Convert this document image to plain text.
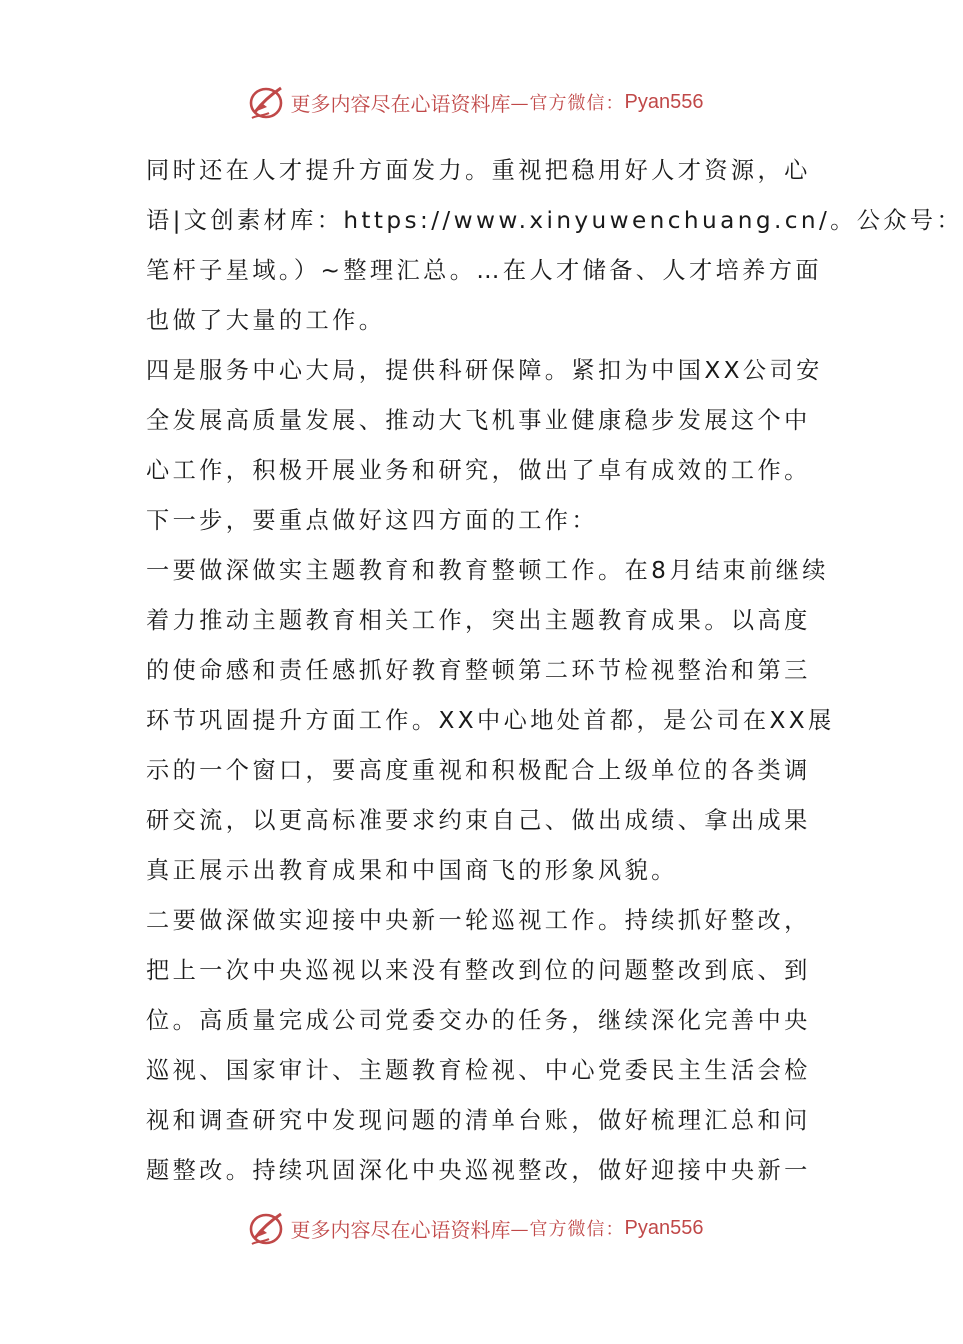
更多内容尽在心语资料库 —官方微信： Pyan556
同时还在人才提升方面发力。重视把稳用好人才资源，心
语|文创素材库：https://www.xinyuwenchuang.cn/。公众号：
笔杆子星域。）~整理汇总。…在人才储备、人才培养方面
也做了大量的工作。
四是服务中心大局，提供科研保障。紧扣为中国XX公司安
全发展高质量发展、推动大飞机事业健康稳步发展这个中
心工作，积极开展业务和研究，做出了卓有成效的工作。
下一步，要重点做好这四方面的工作：
一要做深做实主题教育和教育整顿工作。在8月结束前继续
着力推动主题教育相关工作，突出主题教育成果。以高度
的使命感和责任感抓好教育整顿第二环节检视整治和第三
环节巩固提升方面工作。XX中心地处首都，是公司在XX展
示的一个窗口，要高度重视和积极配合上级单位的各类调
研交流，以更高标准要求约束自己、做出成绩、拿出成果
真正展示出教育成果和中国商飞的形象风貌。
二要做深做实迎接中央新一轮巡视工作。持续抓好整改，
把上一次中央巡视以来没有整改到位的问题整改到底、到
位。高质量完成公司党委交办的任务，继续深化完善中央
巡视、国家审计、主题教育检视、中心党委民主生活会检
视和调查研究中发现问题的清单台账，做好梳理汇总和问
题整改。持续巩固深化中央巡视整改，做好迎接中央新一
更多内容尽在心语资料库 —官方微信： Pyan556
